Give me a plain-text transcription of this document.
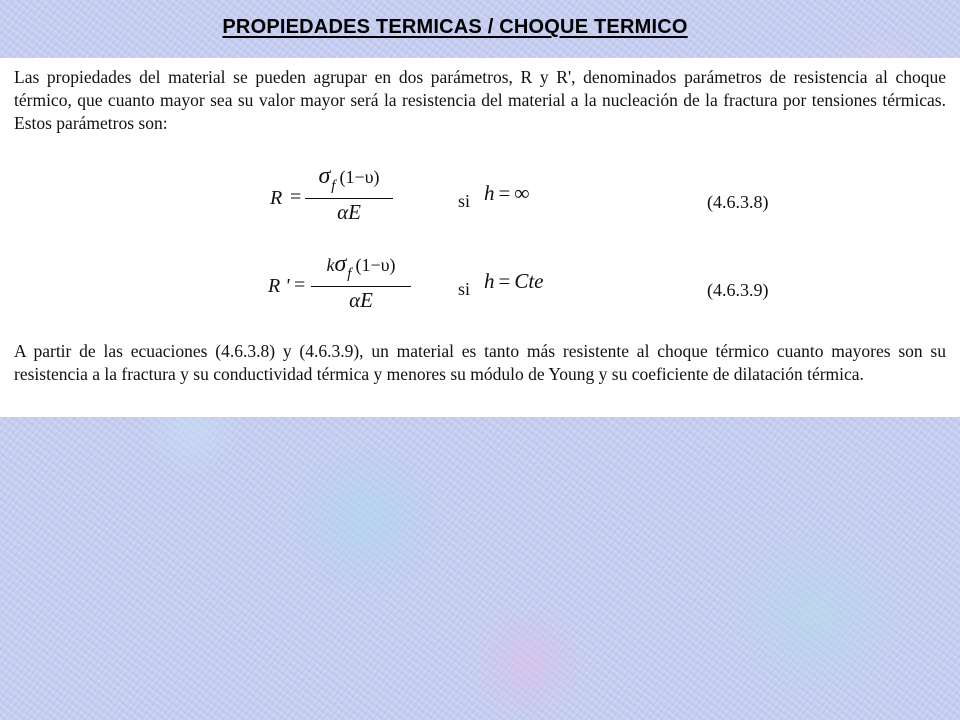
PROPIEDADES TERMICAS / CHOQUE TERMICO

Las propiedades del material se pueden agrupar en dos parámetros, R y R', denominados parámetros de resistencia al choque térmico, que cuanto mayor sea su valor mayor será la resistencia del material a la nucleación de la fractura por tensiones térmicas. Estos parámetros son:

R =
$\sigma_f$ (1−υ)
αE	si h = ∞	(4.6.3.8)
R ' =
$k\sigma_f$ (1−υ)
αE	si h = Cte	(4.6.3.9)

A partir de las ecuaciones (4.6.3.8) y (4.6.3.9), un material es tanto más resistente al choque térmico cuanto mayores son su resistencia a la fractura y su conductividad térmica y menores su módulo de Young y su coeficiente de dilatación térmica.
